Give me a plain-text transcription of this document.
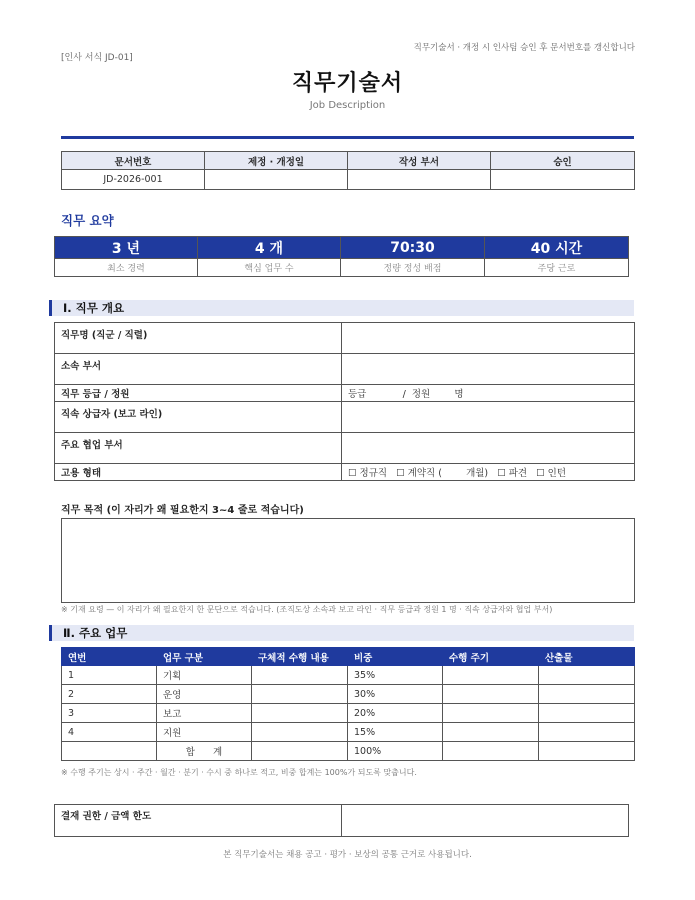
[인사 서식 JD-01]
직무기술서 · 개정 시 인사팀 승인 후 문서번호를 갱신합니다
직무기술서
Job Description
문서번호	제정 · 개정일	작성 부서	승인
JD-2026-001			
직무 요약
3 년	4 개	70:30	40 시간
최소 경력	핵심 업무 수	정량 정성 배점	주당 근로
Ⅰ. 직무 개요
직무명 (직군 / 직렬)	
소속 부서	
직무 등급 / 정원	등급            /  정원        명
직속 상급자 (보고 라인)	
주요 협업 부서	
고용 형태	☐ 정규직   ☐ 계약직 (        개월)   ☐ 파견   ☐ 인턴
직무 목적 (이 자리가 왜 필요한지 3~4 줄로 적습니다)
※ 기재 요령 — 이 자리가 왜 필요한지 한 문단으로 적습니다. (조직도상 소속과 보고 라인 · 직무 등급과 정원 1 명 · 직속 상급자와 협업 부서)
Ⅱ. 주요 업무
연번	업무 구분	구체적 수행 내용	비중	수행 주기	산출물
1	기획		35%		
2	운영		30%		
3	보고		20%		
4	지원		15%		
	합      계		100%		
※ 수행 주기는 상시 · 주간 · 월간 · 분기 · 수시 중 하나로 적고, 비중 합계는 100%가 되도록 맞춥니다.
결재 권한 / 금액 한도	
본 직무기술서는 채용 공고 · 평가 · 보상의 공통 근거로 사용됩니다.
